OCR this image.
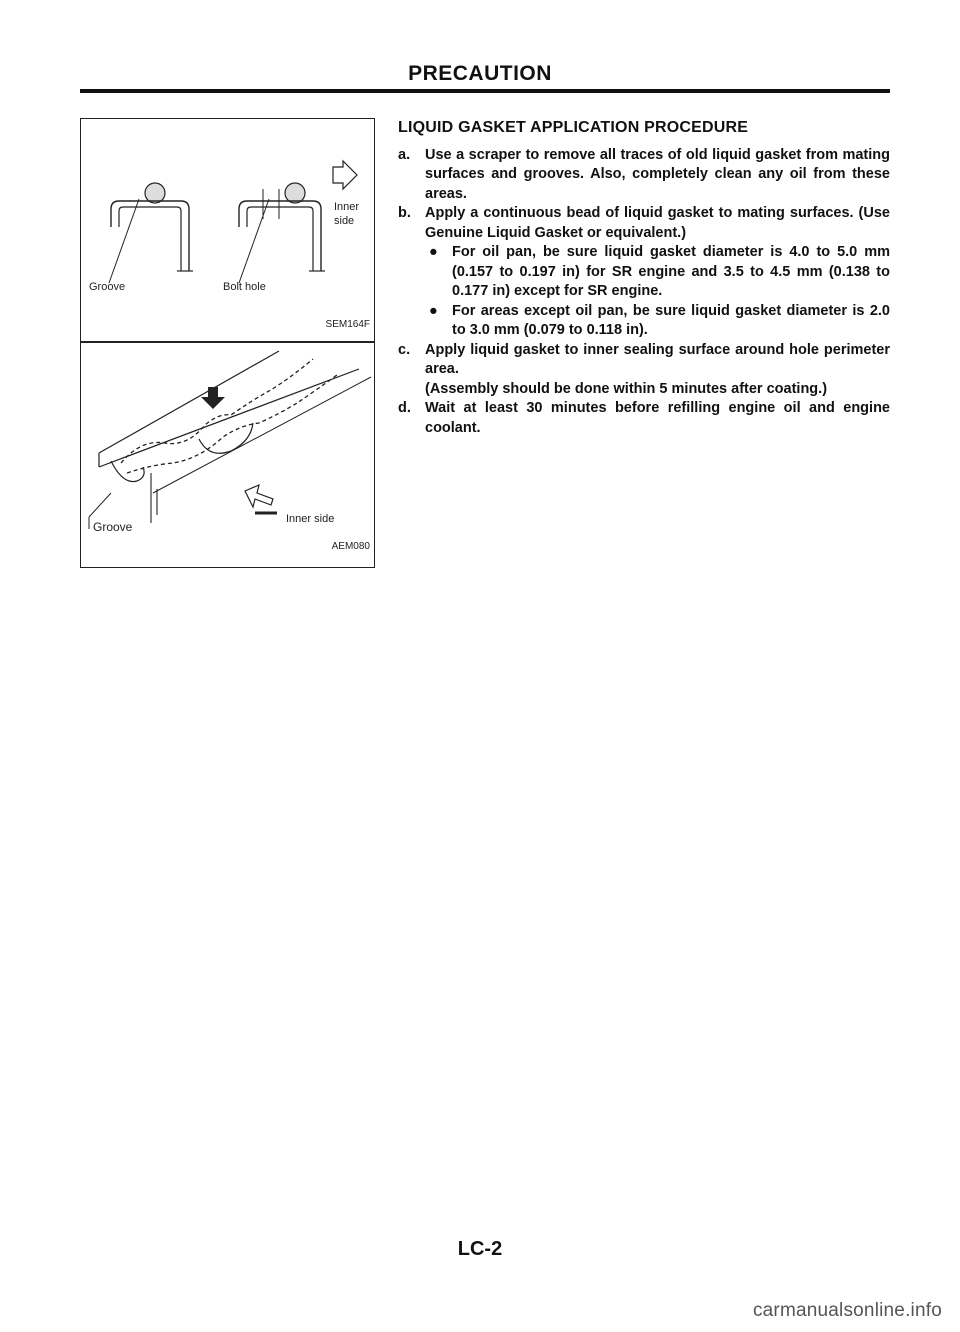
PRECAUTION
Groove	Bolt hole
Inner
side
SEM164F
Groove
Inner side
AEM080
LIQUID GASKET APPLICATION PROCEDURE
a. Use a scraper to remove all traces of old liquid gasket from mating surfaces and grooves. Also, completely clean any oil from these areas.

b. Apply a continuous bead of liquid gasket to mating surfaces. (Use Genuine Liquid Gasket or equivalent.)

● For oil pan, be sure liquid gasket diameter is 4.0 to 5.0 mm (0.157 to 0.197 in) for SR engine and 3.5 to 4.5 mm (0.138 to 0.177 in) except for SR engine.

● For areas except oil pan, be sure liquid gasket diameter is 2.0 to 3.0 mm (0.079 to 0.118 in).

c. Apply liquid gasket to inner sealing surface around hole perimeter area.

(Assembly should be done within 5 minutes after coating.)

d. Wait at least 30 minutes before refilling engine oil and engine coolant.

LC-2
carmanualsonline.info
